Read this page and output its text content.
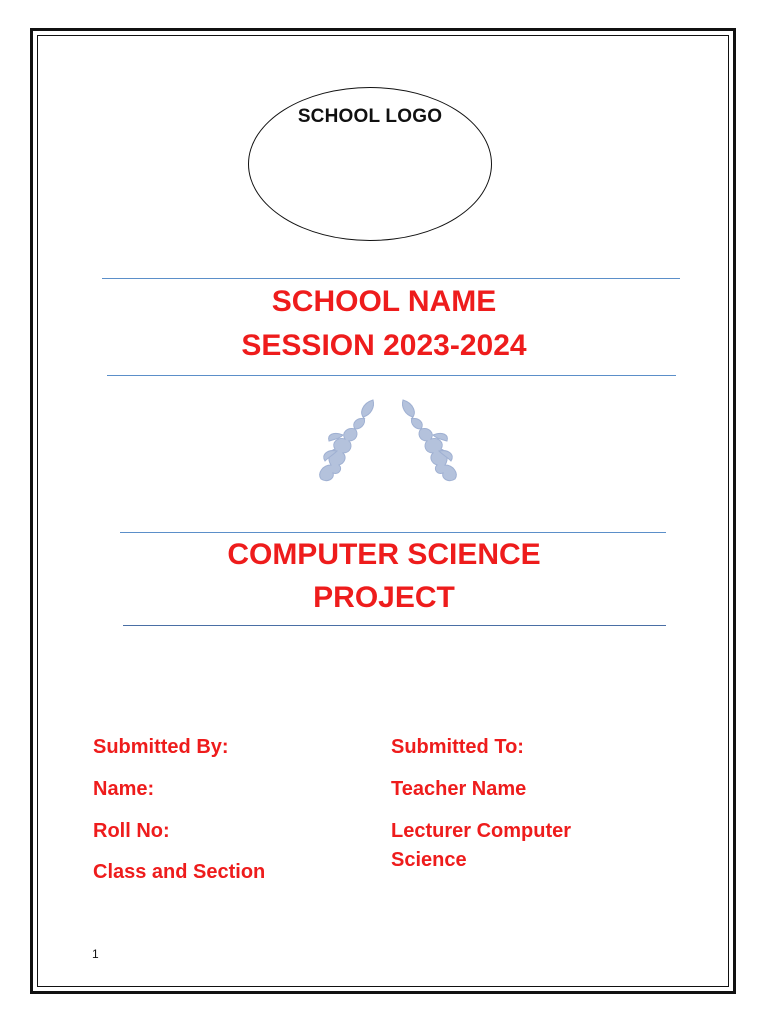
SCHOOL LOGO
SCHOOL NAME
SESSION 2023-2024
COMPUTER SCIENCE
PROJECT
Submitted By:
Name:
Roll No:
Class and Section
Submitted To:
Teacher Name
Lecturer Computer
Science
1
